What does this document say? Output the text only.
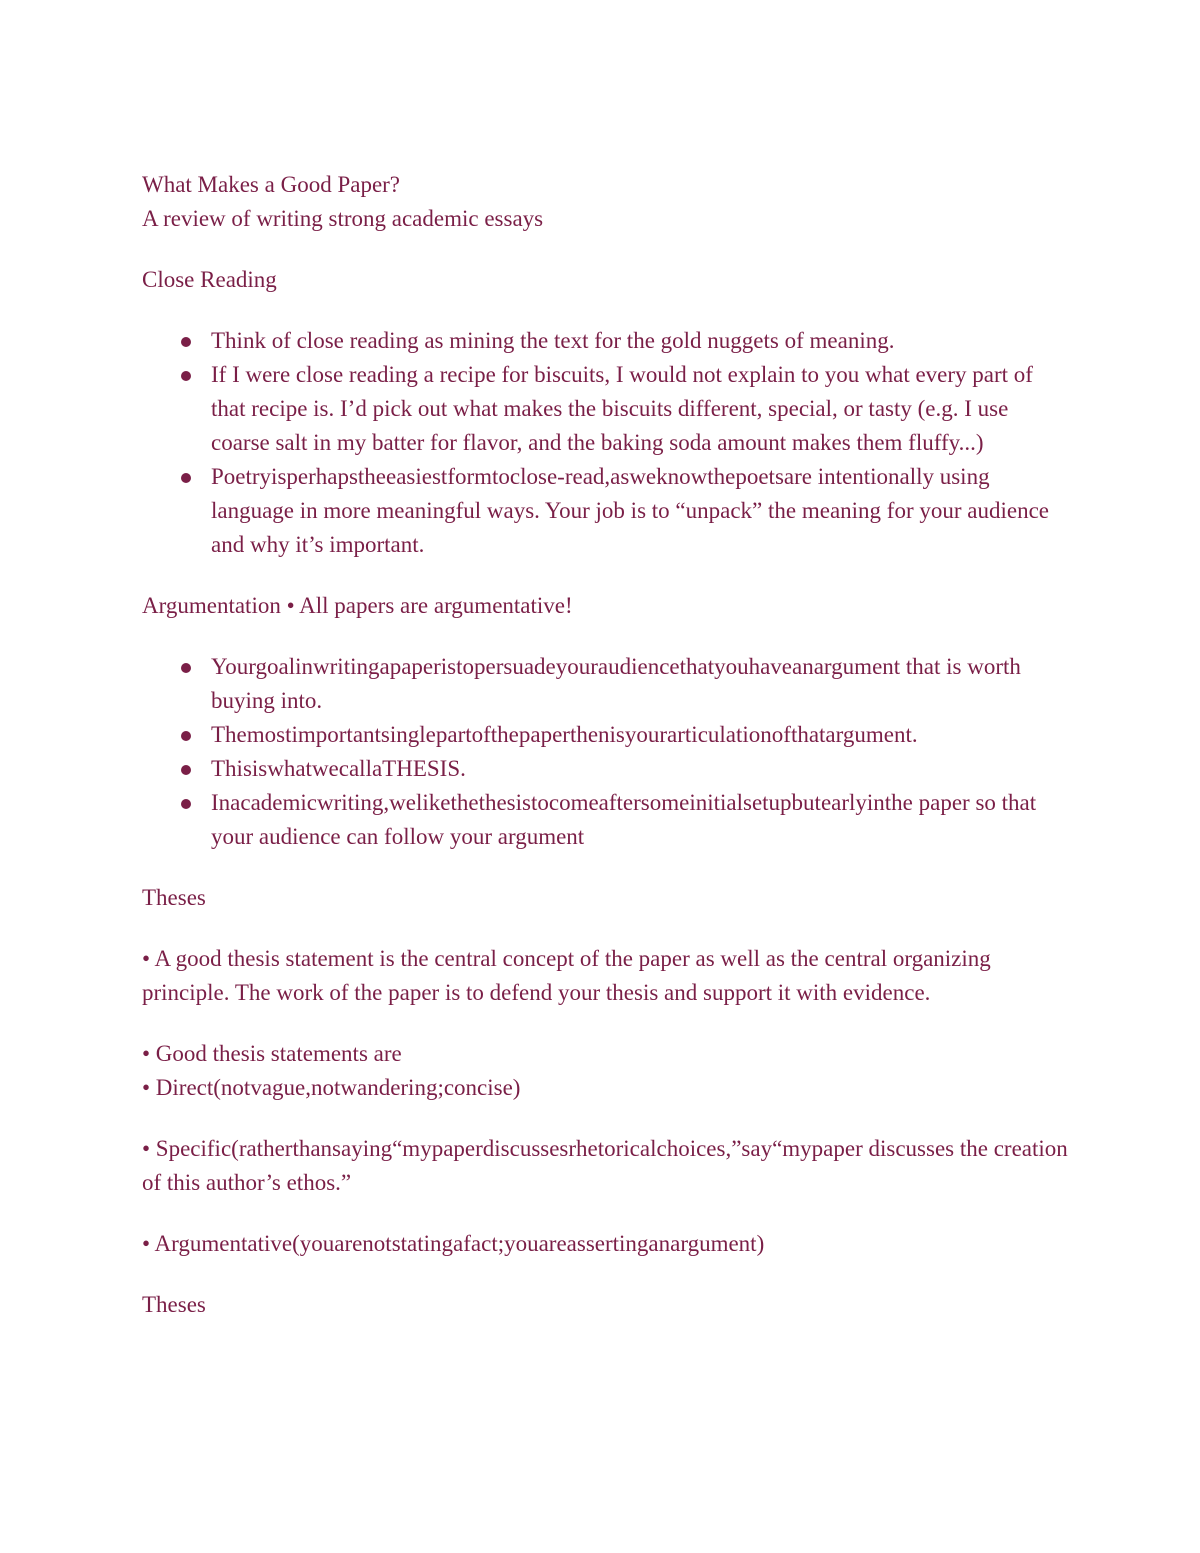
What Makes a Good Paper?

A review of writing strong academic essays

Close Reading

Think of close reading as mining the text for the gold nuggets of meaning.
If I were close reading a recipe for biscuits, I would not explain to you what every part of that recipe is. I’d pick out what makes the biscuits different, special, or tasty (e.g. I use coarse salt in my batter for flavor, and the baking soda amount makes them fluffy...)
Poetryisperhapstheeasiestformtoclose-read,asweknowthepoetsare intentionally using language in more meaningful ways. Your job is to “unpack” the meaning for your audience and why it’s important.

Argumentation • All papers are argumentative!

Yourgoalinwritingapaperistopersuadeyouraudiencethatyouhaveanargument that is worth buying into.
Themostimportantsinglepartofthepaperthenisyourarticulationofthatargument.
ThisiswhatwecallaTHESIS.
Inacademicwriting,welikethethesistocomeaftersomeinitialsetupbutearlyinthe paper so that your audience can follow your argument

Theses

• A good thesis statement is the central concept of the paper as well as the central organizing principle. The work of the paper is to defend your thesis and support it with evidence.

• Good thesis statements are

• Direct(notvague,notwandering;concise)

• Specific(ratherthansaying“mypaperdiscussesrhetoricalchoices,”say“mypaper discusses the creation of this author’s ethos.”

• Argumentative(youarenotstatingafact;youareassertinganargument)

Theses
